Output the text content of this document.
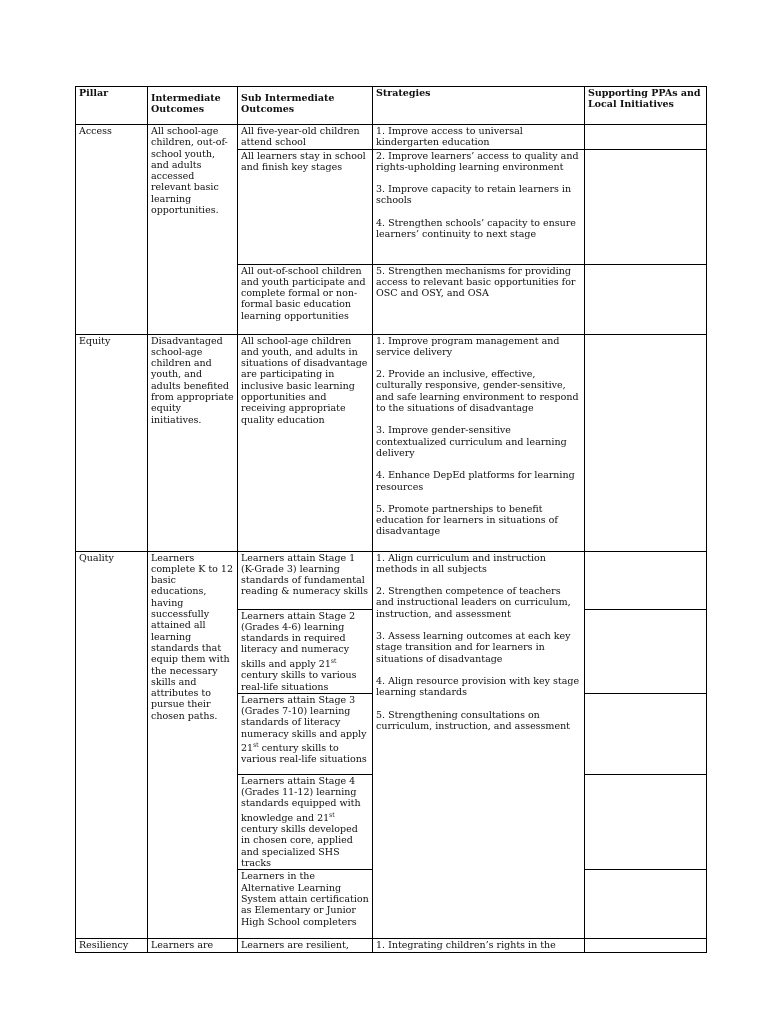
Pillar	Intermediate Outcomes	Sub Intermediate Outcomes	Strategies	Supporting PPAs and Local Initiatives
Access	All school-age children, out-of-school youth, and adults accessed relevant basic learning opportunities.	All five-year-old children attend school	1. Improve access to universal kindergarten education	
		All learners stay in school and finish key stages	2. Improve learners’ access to quality and rights-upholding learning environment

3. Improve capacity to retain learners in schools

4. Strengthen schools’ capacity to ensure learners’ continuity to next stage	

		All out-of-school children and youth participate and complete formal or non-formal basic education learning opportunities	5. Strengthen mechanisms for providing access to relevant basic opportunities for OSC and OSY, and OSA	
Equity	Disadvantaged school-age children and youth, and adults benefited from appropriate equity initiatives.	All school-age children and youth, and adults in situations of disadvantage are participating in inclusive basic learning opportunities and receiving appropriate quality education	1. Improve program management and service delivery

2. Provide an inclusive, effective, culturally responsive, gender-sensitive, and safe learning environment to respond to the situations of disadvantage

3. Improve gender-sensitive contextualized curriculum and learning delivery

4. Enhance DepEd platforms for learning resources

5. Promote partnerships to benefit education for learners in situations of disadvantage	

Quality	Learners complete K to 12 basic educations, having successfully attained all learning standards that equip them with the necessary skills and attributes to pursue their chosen paths.	Learners attain Stage 1 (K-Grade 3) learning standards of fundamental reading & numeracy skills	1. Align curriculum and instruction methods in all subjects

2. Strengthen competence of teachers and instructional leaders on curriculum, instruction, and assessment

3. Assess learning outcomes at each key stage transition and for learners in situations of disadvantage

4. Align resource provision with key stage learning standards

5. Strengthening consultations on curriculum, instruction, and assessment	

		Learners attain Stage 2 (Grades 4-6) learning standards in required literacy and numeracy skills and apply 21st century skills to various real-life situations		
		Learners attain Stage 3 (Grades 7-10) learning standards of literacy numeracy skills and apply 21st century skills to various real-life situations		
		Learners attain Stage 4 (Grades 11-12) learning standards equipped with knowledge and 21st century skills developed in chosen core, applied and specialized SHS tracks		
		Learners in the Alternative Learning System attain certification as Elementary or Junior High School completers		
Resiliency	Learners are	Learners are resilient,	1. Integrating children’s rights in the	
